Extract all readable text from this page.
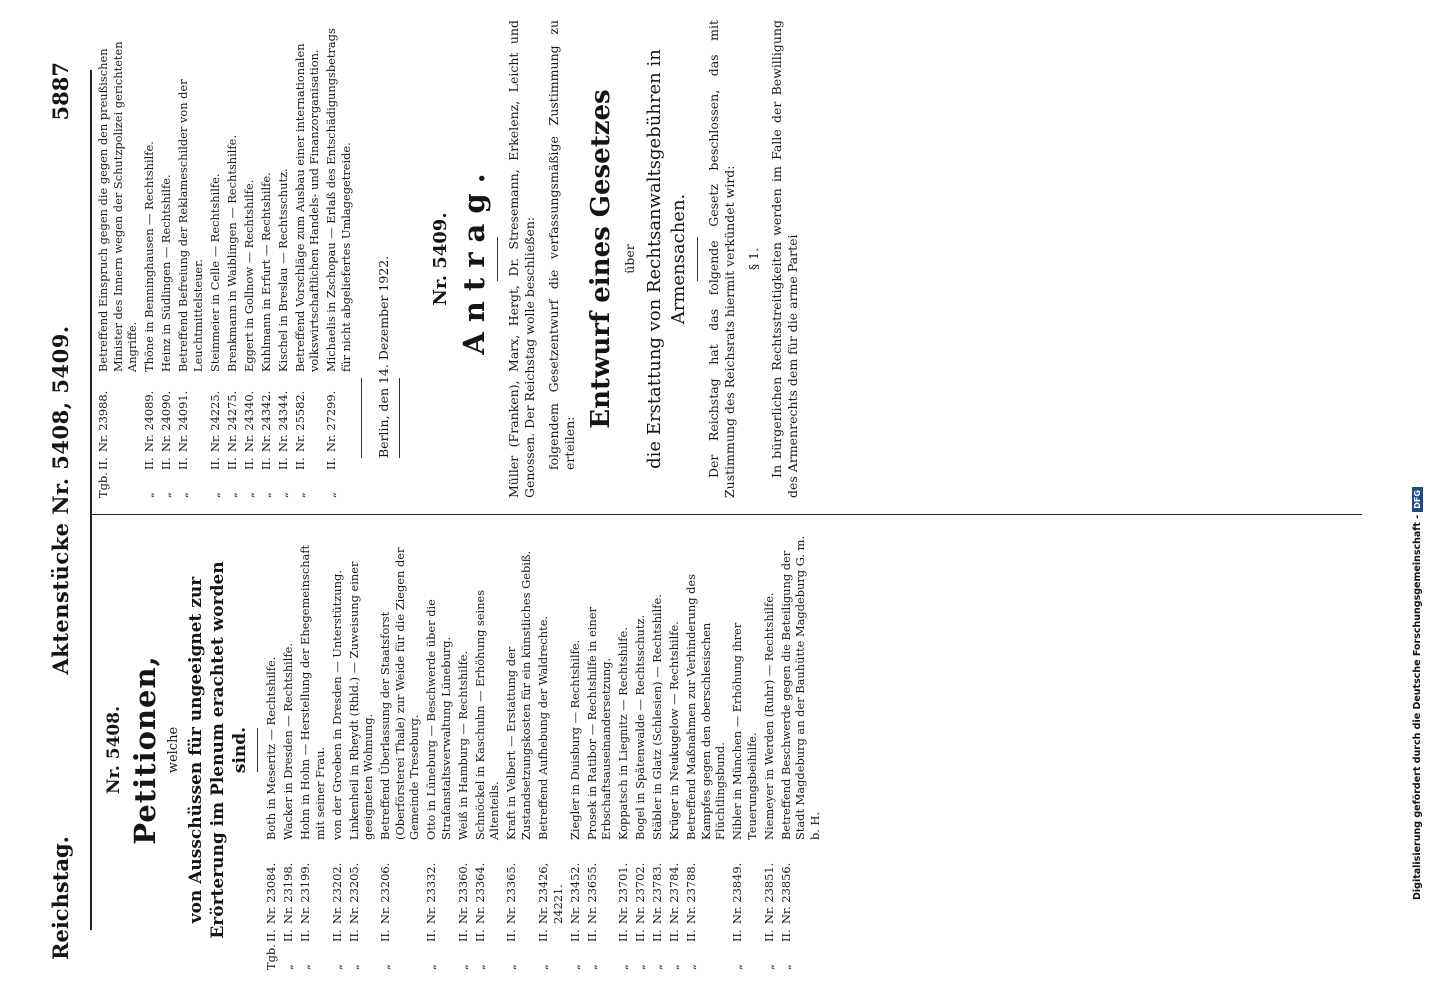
Reichstag.
Aktenstücke Nr. 5408, 5409.
5887
Nr. 5408. Petitionen, welche von Ausschüssen für ungeeignet zur Erörterung im Plenum erachtet worden sind.
Tgb.
II.
Nr. 23084.
Both in Meseritz — Rechtshilfe.
„
II.
Nr. 23198.
Wacker in Dresden — Rechtshilfe.
„
II.
Nr. 23199.
Hohn in Hohn — Herstellung der Ehegemeinschaft mit seiner Frau.
„
II.
Nr. 23202.
von der Groeben in Dresden — Unterstützung.
„
II.
Nr. 23205.
Linkenheil in Rheydt (Rhld.) — Zuweisung einer geeigneten Wohnung.
„
II.
Nr. 23206.
Betreffend Überlassung der Staatsforst (Oberförsterei Thale) zur Weide für die Ziegen der Gemeinde Treseburg.
„
II.
Nr. 23332.
Otto in Lüneburg — Beschwerde über die Strafanstaltsverwaltung Lüneburg.
„
II.
Nr. 23360.
Weiß in Hamburg — Rechtshilfe.
„
II.
Nr. 23364.
Schnöckel in Kaschuhn — Erhöhung seines Altenteils.
„
II.
Nr. 23365.
Kraft in Velbert — Erstattung der Zustandsetzungskosten für ein künstliches Gebiß.
„
II.
Nr. 23426, 24221.
Betreffend Aufhebung der Waldrechte.
„
II.
Nr. 23452.
Ziegler in Duisburg — Rechtshilfe.
„
II.
Nr. 23655.
Prosek in Ratibor — Rechtshilfe in einer Erbschaftsauseinandersetzung.
„
II.
Nr. 23701.
Koppatsch in Liegnitz — Rechtshilfe.
„
II.
Nr. 23702.
Bogel in Spätenwalde — Rechtsschutz.
„
II.
Nr. 23783.
Stäbler in Glatz (Schlesien) — Rechtshilfe.
„
II.
Nr. 23784.
Krüger in Neukugelow — Rechtshilfe.
„
II.
Nr. 23788.
Betreffend Maßnahmen zur Verhinderung des Kampfes gegen den oberschlesischen Flüchtlingsbund.
„
II.
Nr. 23849.
Nibler in München — Erhöhung ihrer Teuerungsbeihilfe.
„
II.
Nr. 23851.
Niemeyer in Werden (Ruhr) — Rechtshilfe.
„
II.
Nr. 23856.
Betreffend Beschwerde gegen die Beteiligung der Stadt Magdeburg an der Bauhütte Magdeburg G. m. b. H.
Tgb.
II.
Nr. 23988.
Betreffend Einspruch gegen die gegen den preußischen Minister des Innern wegen der Schutzpolizei gerichteten Angriffe.
„
II.
Nr. 24089.
Thöne in Benninghausen — Rechtshilfe.
„
II.
Nr. 24090.
Heinz in Südlingen — Rechtshilfe.
„
II.
Nr. 24091.
Betreffend Befreiung der Reklameschilder von der Leuchtmittelsteuer.
„
II.
Nr. 24225.
Steinmeier in Celle — Rechtshilfe.
„
II.
Nr. 24275.
Brenkmann in Waiblingen — Rechtshilfe.
„
II.
Nr. 24340.
Eggert in Gollnow — Rechtshilfe.
„
II.
Nr. 24342.
Kuhlmann in Erfurt — Rechtshilfe.
„
II.
Nr. 24344.
Kischel in Breslau — Rechtsschutz.
„
II.
Nr. 25582.
Betreffend Vorschläge zum Ausbau einer internationalen volkswirtschaftlichen Handels- und Finanzorganisation.
„
II.
Nr. 27299.
Michaelis in Zschopau — Erlaß des Entschädigungsbetrags für nicht abgeliefertes Umlagegetreide. Berlin, den 14. Dezember 1922. Nr. 5409. Antrag. Müller (Franken), Marx, Hergt, Dr. Stresemann, Erkelenz, Leicht und Genossen. Der Reichstag wolle beschließen: folgendem Gesetzentwurf die verfassungsmäßige Zustimmung zu erteilen:
Entwurf eines Gesetzes über die Erstattung von Rechtsanwaltsgebühren in Armensachen. Der Reichstag hat das folgende Gesetz beschlossen, das mit Zustimmung des Reichsrats hiermit verkündet wird: § 1. In bürgerlichen Rechtsstreitigkeiten werden im Falle der Bewilligung des Armenrechts dem für die arme Partei
Digitalisierung gefördert durch die Deutsche Forschungsgemeinschaft -DFG
